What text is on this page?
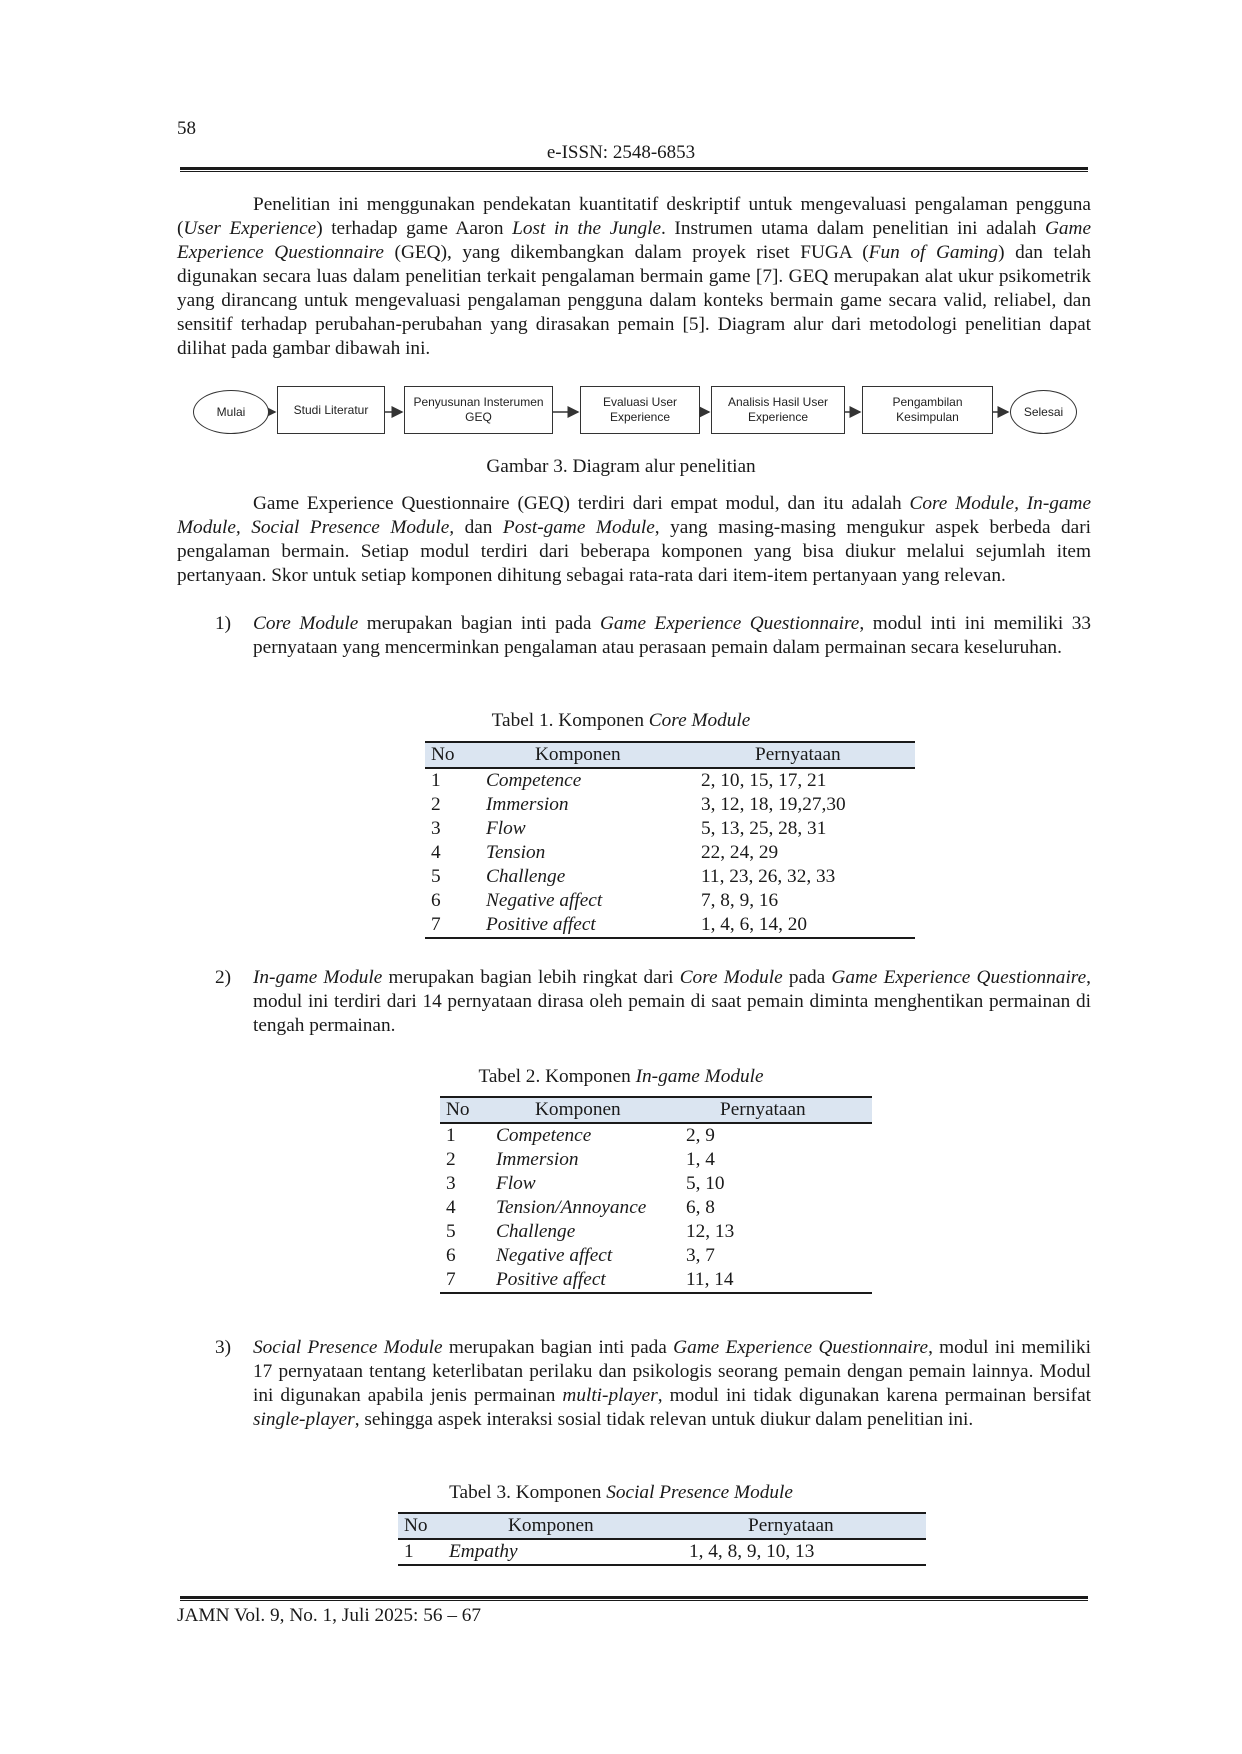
58
e-ISSN: 2548-6853

Penelitian ini menggunakan pendekatan kuantitatif deskriptif untuk mengevaluasi pengalaman pengguna (User Experience) terhadap game Aaron Lost in the Jungle. Instrumen utama dalam penelitian ini adalah Game Experience Questionnaire (GEQ), yang dikembangkan dalam proyek riset FUGA (Fun of Gaming) dan telah digunakan secara luas dalam penelitian terkait pengalaman bermain game [7]. GEQ merupakan alat ukur psikometrik yang dirancang untuk mengevaluasi pengalaman pengguna dalam konteks bermain game secara valid, reliabel, dan sensitif terhadap perubahan-perubahan yang dirasakan pemain [5]. Diagram alur dari metodologi penelitian dapat dilihat pada gambar dibawah ini.

Mulai	Studi Literatur
Penyusunan Insterumen GEQ
Evaluasi User Experience
Analisis Hasil User Experience
Pengambilan Kesimpulan	Selesai
Gambar 3. Diagram alur penelitian

Game Experience Questionnaire (GEQ) terdiri dari empat modul, dan itu adalah Core Module, In-game Module, Social Presence Module, dan Post-game Module, yang masing-masing mengukur aspek berbeda dari pengalaman bermain. Setiap modul terdiri dari beberapa komponen yang bisa diukur melalui sejumlah item pertanyaan. Skor untuk setiap komponen dihitung sebagai rata-rata dari item-item pertanyaan yang relevan.

1) Core Module merupakan bagian inti pada Game Experience Questionnaire, modul inti ini memiliki 33 pernyataan yang mencerminkan pengalaman atau perasaan pemain dalam permainan secara keseluruhan.
Tabel 1. Komponen Core Module
No	Komponen	Pernyataan
1	Competence	2, 10, 15, 17, 21
2	Immersion	3, 12, 18, 19,27,30
3	Flow	5, 13, 25, 28, 31
4	Tension	22, 24, 29
5	Challenge	11, 23, 26, 32, 33
6	Negative affect	7, 8, 9, 16
7	Positive affect	1, 4, 6, 14, 20
2) In-game Module merupakan bagian lebih ringkat dari Core Module pada Game Experience Questionnaire, modul ini terdiri dari 14 pernyataan dirasa oleh pemain di saat pemain diminta menghentikan permainan di tengah permainan.
Tabel 2. Komponen In-game Module
No	Komponen	Pernyataan
1	Competence	2, 9
2	Immersion	1, 4
3	Flow	5, 10
4	Tension/Annoyance	6, 8
5	Challenge	12, 13
6	Negative affect	3, 7
7	Positive affect	11, 14
3) Social Presence Module merupakan bagian inti pada Game Experience Questionnaire, modul ini memiliki 17 pernyataan tentang keterlibatan perilaku dan psikologis seorang pemain dengan pemain lainnya. Modul ini digunakan apabila jenis permainan multi-player, modul ini tidak digunakan karena permainan bersifat single-player, sehingga aspek interaksi sosial tidak relevan untuk diukur dalam penelitian ini.
Tabel 3. Komponen Social Presence Module
No	Komponen	Pernyataan
1	Empathy	1, 4, 8, 9, 10, 13
JAMN Vol. 9, No. 1, Juli 2025: 56 – 67
